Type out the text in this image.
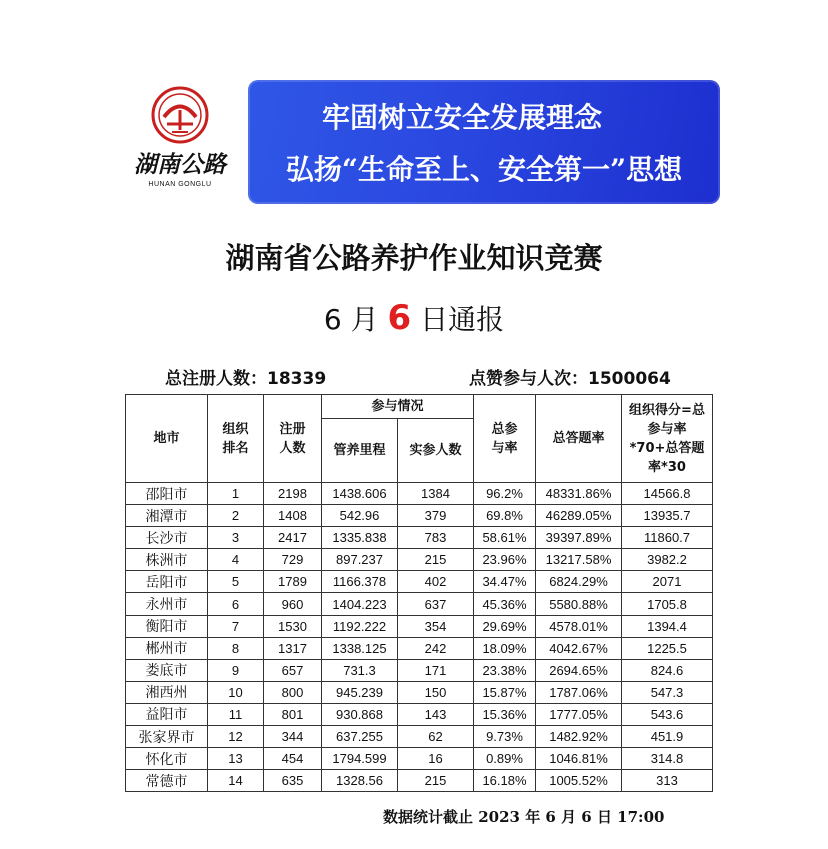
湖南公路
HUNAN GONGLU
牢固树立安全发展理念
弘扬“生命至上、安全第一”思想
湖南省公路养护作业知识竞赛
6 月 6 日通报
总注册人数：18339	点赞参与人次：1500064
地市	组织排名	注册人数	参与情况		总参与率	总答题率	组织得分=总参与率*70+总答题率*30
			管养里程	实参人数			
邵阳市	1	2198	1438.606	1384	96.2%	48331.86%	14566.8
湘潭市	2	1408	542.96	379	69.8%	46289.05%	13935.7
长沙市	3	2417	1335.838	783	58.61%	39397.89%	11860.7
株洲市	4	729	897.237	215	23.96%	13217.58%	3982.2
岳阳市	5	1789	1166.378	402	34.47%	6824.29%	2071
永州市	6	960	1404.223	637	45.36%	5580.88%	1705.8
衡阳市	7	1530	1192.222	354	29.69%	4578.01%	1394.4
郴州市	8	1317	1338.125	242	18.09%	4042.67%	1225.5
娄底市	9	657	731.3	171	23.38%	2694.65%	824.6
湘西州	10	800	945.239	150	15.87%	1787.06%	547.3
益阳市	11	801	930.868	143	15.36%	1777.05%	543.6
张家界市	12	344	637.255	62	9.73%	1482.92%	451.9
怀化市	13	454	1794.599	16	0.89%	1046.81%	314.8
常德市	14	635	1328.56	215	16.18%	1005.52%	313
数据统计截止 2023 年 6 月 6 日 17:00
